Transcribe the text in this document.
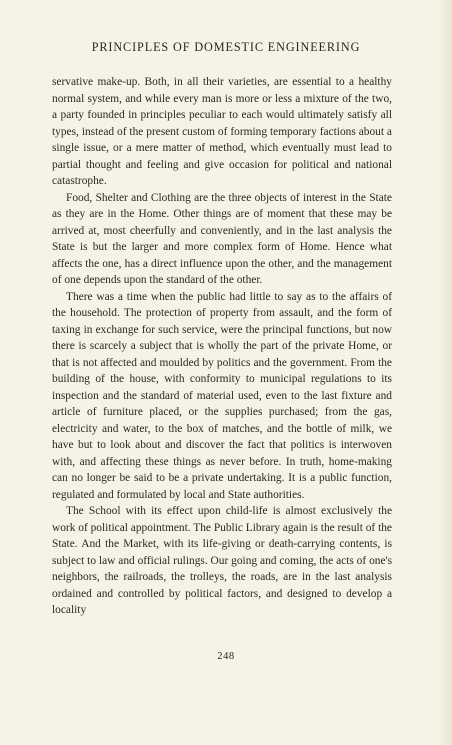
PRINCIPLES OF DOMESTIC ENGINEERING

servative make-up. Both, in all their varieties, are essential to a healthy normal system, and while every man is more or less a mixture of the two, a party founded in principles peculiar to each would ultimately satisfy all types, instead of the present custom of forming temporary factions about a single issue, or a mere matter of method, which eventually must lead to partial thought and feeling and give occasion for political and national catastrophe.

Food, Shelter and Clothing are the three objects of interest in the State as they are in the Home. Other things are of moment that these may be arrived at, most cheerfully and conveniently, and in the last analysis the State is but the larger and more complex form of Home. Hence what affects the one, has a direct influence upon the other, and the management of one depends upon the standard of the other.

There was a time when the public had little to say as to the affairs of the household. The protection of property from assault, and the form of taxing in exchange for such service, were the principal functions, but now there is scarcely a subject that is wholly the part of the private Home, or that is not affected and moulded by politics and the government. From the building of the house, with conformity to municipal regulations to its inspection and the standard of material used, even to the last fixture and article of furniture placed, or the supplies purchased; from the gas, electricity and water, to the box of matches, and the bottle of milk, we have but to look about and discover the fact that politics is interwoven with, and affecting these things as never before. In truth, home-making can no longer be said to be a private undertaking. It is a public function, regulated and formulated by local and State authorities.

The School with its effect upon child-life is almost exclusively the work of political appointment. The Public Library again is the result of the State. And the Market, with its life-giving or death-carrying contents, is subject to law and official rulings. Our going and coming, the acts of one's neighbors, the railroads, the trolleys, the roads, are in the last analysis ordained and controlled by political factors, and designed to develop a locality

248
